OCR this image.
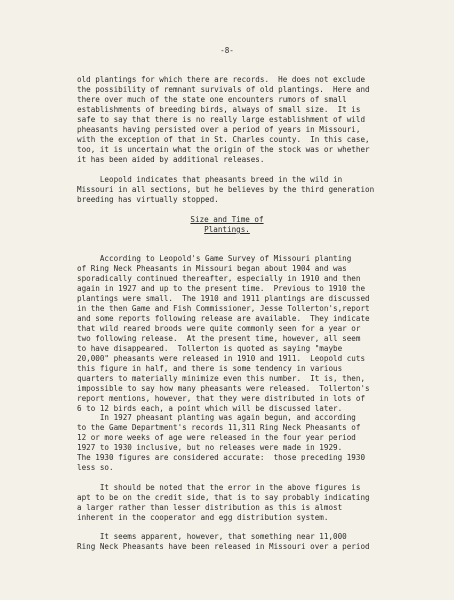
-8-

old plantings for which there are records.  He does not exclude
the possibility of remnant survivals of old plantings.  Here and
there over much of the state one encounters rumors of small
establishments of breeding birds, always of small size.  It is
safe to say that there is no really large establishment of wild
pheasants having persisted over a period of years in Missouri,
with the exception of that in St. Charles county.  In this case,
too, it is uncertain what the origin of the stock was or whether
it has been aided by additional releases.

Leopold indicates that pheasants breed in the wild in
Missouri in all sections, but he believes by the third generation
breeding has virtually stopped.

Size and Time of
Plantings.

According to Leopold's Game Survey of Missouri planting
of Ring Neck Pheasants in Missouri began about 1904 and was
sporadically continued thereafter, especially in 1910 and then
again in 1927 and up to the present time.  Previous to 1910 the
plantings were small.  The 1910 and 1911 plantings are discussed
in the then Game and Fish Commissioner, Jesse Tollerton's,report
and some reports following release are available.  They indicate
that wild reared broods were quite commonly seen for a year or
two following release.  At the present time, however, all seem
to have disappeared.  Tollerton is quoted as saying "maybe
20,000" pheasants were released in 1910 and 1911.  Leopold cuts
this figure in half, and there is some tendency in various
quarters to materially minimize even this number.  It is, then,
impossible to say how many pheasants were released.  Tollerton's
report mentions, however, that they were distributed in lots of
6 to 12 birds each, a point which will be discussed later.

In 1927 pheasant planting was again begun, and according
to the Game Department's records 11,311 Ring Neck Pheasants of
12 or more weeks of age were released in the four year period
1927 to 1930 inclusive, but no releases were made in 1929.
The 1930 figures are considered accurate:  those preceding 1930
less so.

It should be noted that the error in the above figures is
apt to be on the credit side, that is to say probably indicating
a larger rather than lesser distribution as this is almost
inherent in the cooperator and egg distribution system.

It seems apparent, however, that something near 11,000
Ring Neck Pheasants have been released in Missouri over a period
